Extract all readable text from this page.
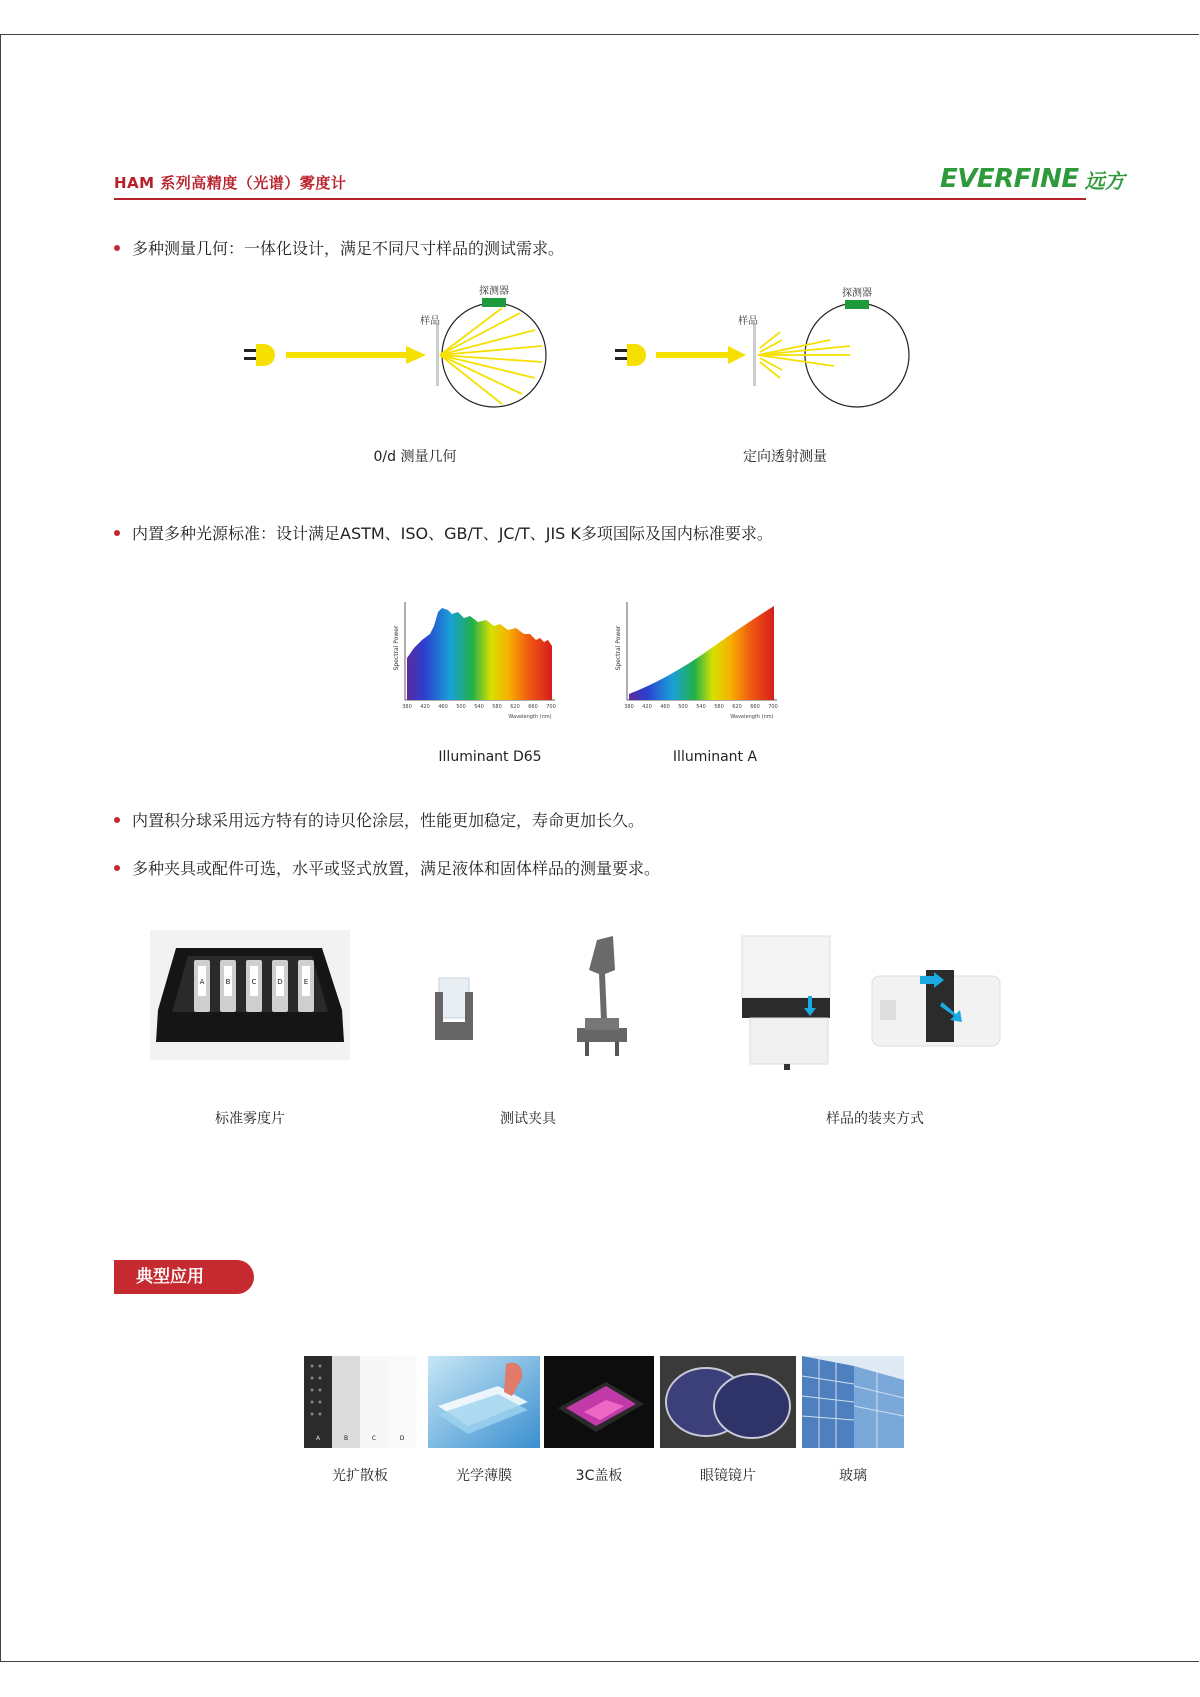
HAM 系列高精度（光谱）雾度计	EVERFINE 远方
多种测量几何：一体化设计，满足不同尺寸样品的测试需求。
样品
探测器
样品
探测器
0/d 测量几何	定向透射测量
内置多种光源标准：设计满足ASTM、ISO、GB/T、JC/T、JIS K多项国际及国内标准要求。
Spectral Power
380 420 460 500 540 580 620 660 700
Wavelength (nm)
Spectral Power
380 420 460 500 540 580 620 660 700
Wavelength (nm)
Illuminant D65	Illuminant A
内置积分球采用远方特有的诗贝伦涂层，性能更加稳定，寿命更加长久。
多种夹具或配件可选，水平或竖式放置，满足液体和固体样品的测量要求。
A	B	C	D	E
标准雾度片	测试夹具	样品的装夹方式
典型应用
A	B	C	D
光扩散板	光学薄膜	3C盖板	眼镜镜片	玻璃
